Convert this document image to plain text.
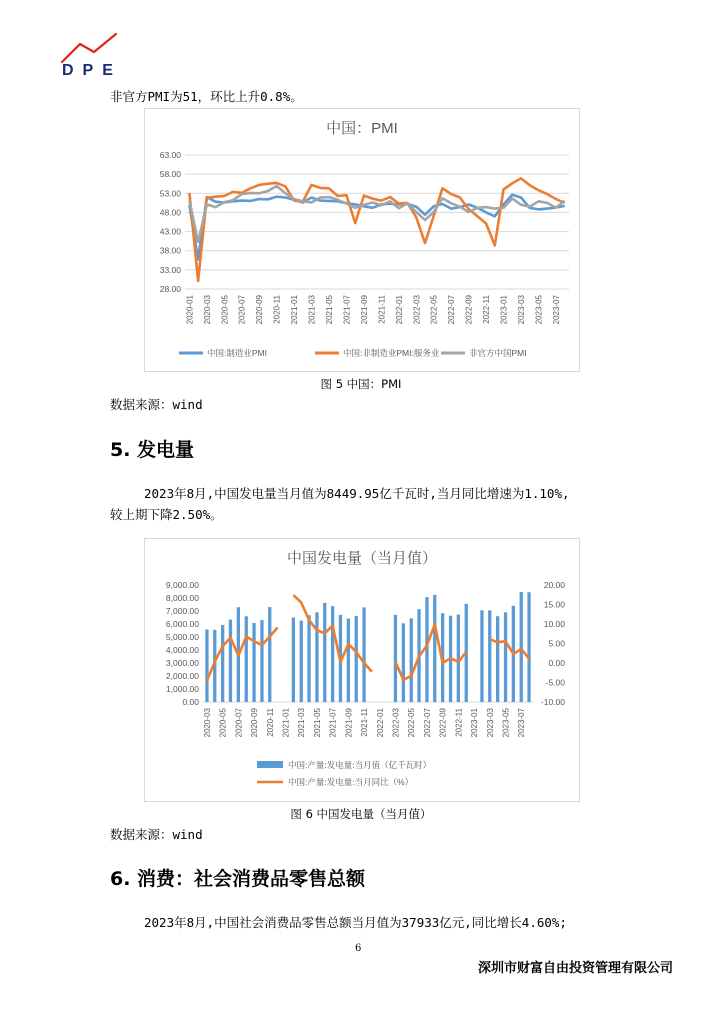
DPE
非官方PMI为51，环比上升0.8%。
中国：PMI
63.00
58.00
53.00
48.00
43.00
38.00
33.00
28.00
2020-01 2020-03 2020-05 2020-07 2020-09 2020-11 2021-01 2021-03 2021-05 2021-07 2021-09 2021-11 2022-01 2022-03 2022-05 2022-07 2022-09 2022-11 2023-01 2023-03 2023-05 2023-07
中国:制造业PMI	中国:非制造业PMI:服务业	非官方中国PMI
图 5 中国：PMI
数据来源：wind
5. 发电量
2023年8月,中国发电量当月值为8449.95亿千瓦时,当月同比增速为1.10%,
较上期下降2.50%。
中国发电量（当月值）
9,000.00
8,000.00
7,000.00
6,000.00
5,000.00
4,000.00
3,000.00
2,000.00
1,000.00
0.00
20.00
15.00
10.00
5.00
0.00
-5.00
-10.00
2020-03 2020-05 2020-07 2020-09 2020-11 2021-01 2021-03 2021-05 2021-07 2021-09 2021-11 2022-01 2022-03 2022-05 2022-07 2022-09 2022-11 2023-01 2023-03 2023-05 2023-07
中国:产量:发电量:当月值（亿千瓦时）
中国:产量:发电量:当月同比（%）
图 6 中国发电量（当月值）
数据来源：wind
6. 消费：社会消费品零售总额
2023年8月,中国社会消费品零售总额当月值为37933亿元,同比增长4.60%;
6
深圳市财富自由投资管理有限公司
